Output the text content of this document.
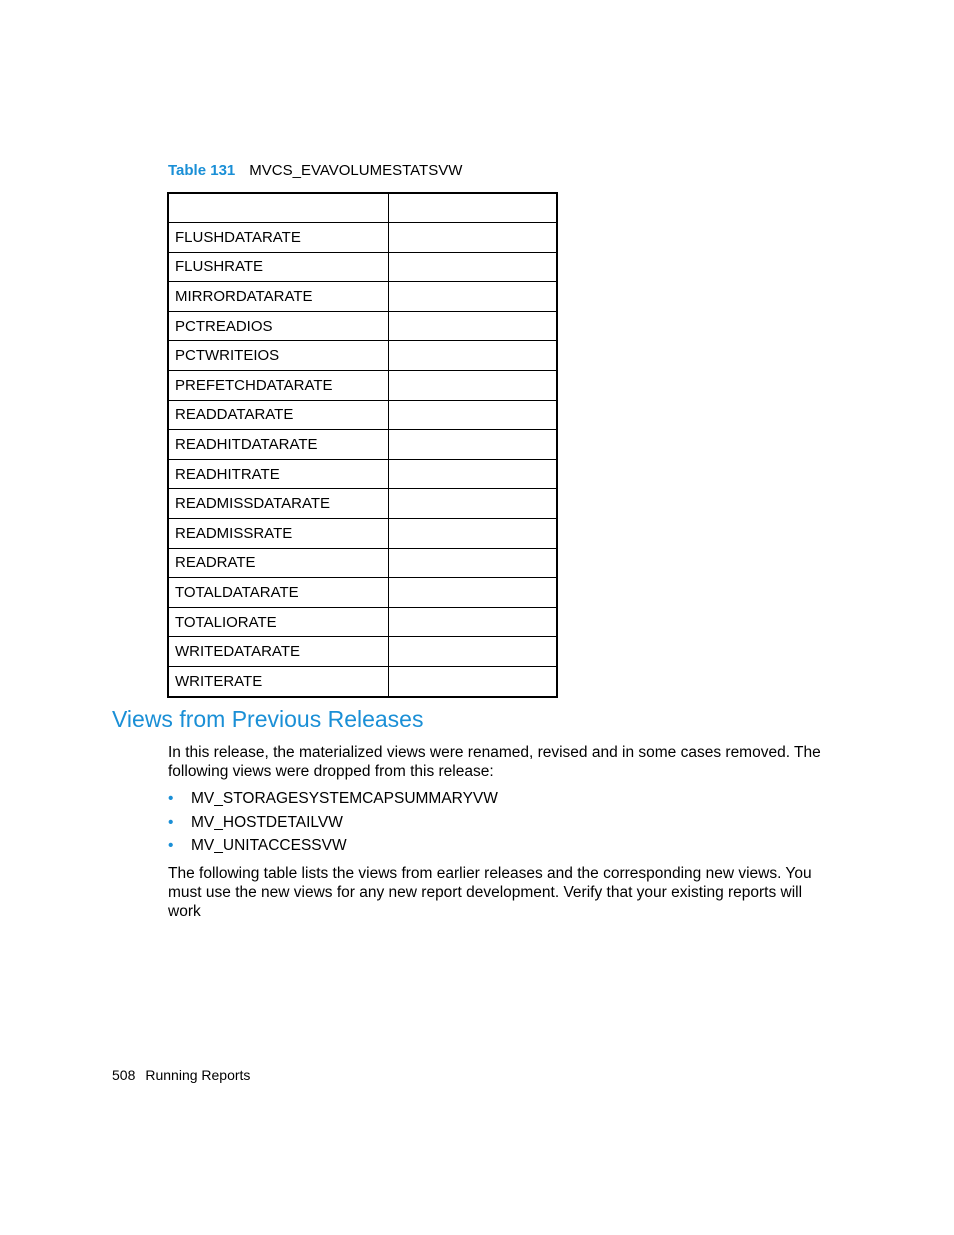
Table 131 MVCS_EVAVOLUMESTATSVW

FLUSHDATARATE	
FLUSHRATE	
MIRRORDATARATE	
PCTREADIOS	
PCTWRITEIOS	
PREFETCHDATARATE	
READDATARATE	
READHITDATARATE	
READHITRATE	
READMISSDATARATE	
READMISSRATE	
READRATE	
TOTALDATARATE	
TOTALIORATE	
WRITEDATARATE	
WRITERATE	
Views from Previous Releases
In this release, the materialized views were renamed, revised and in some cases removed. The following views were dropped from this release:
• MV_STORAGESYSTEMCAPSUMMARYVW
• MV_HOSTDETAILVW
• MV_UNITACCESSVW
The following table lists the views from earlier releases and the corresponding new views. You must use the new views for any new report development. Verify that your existing reports will work
508 Running Reports
